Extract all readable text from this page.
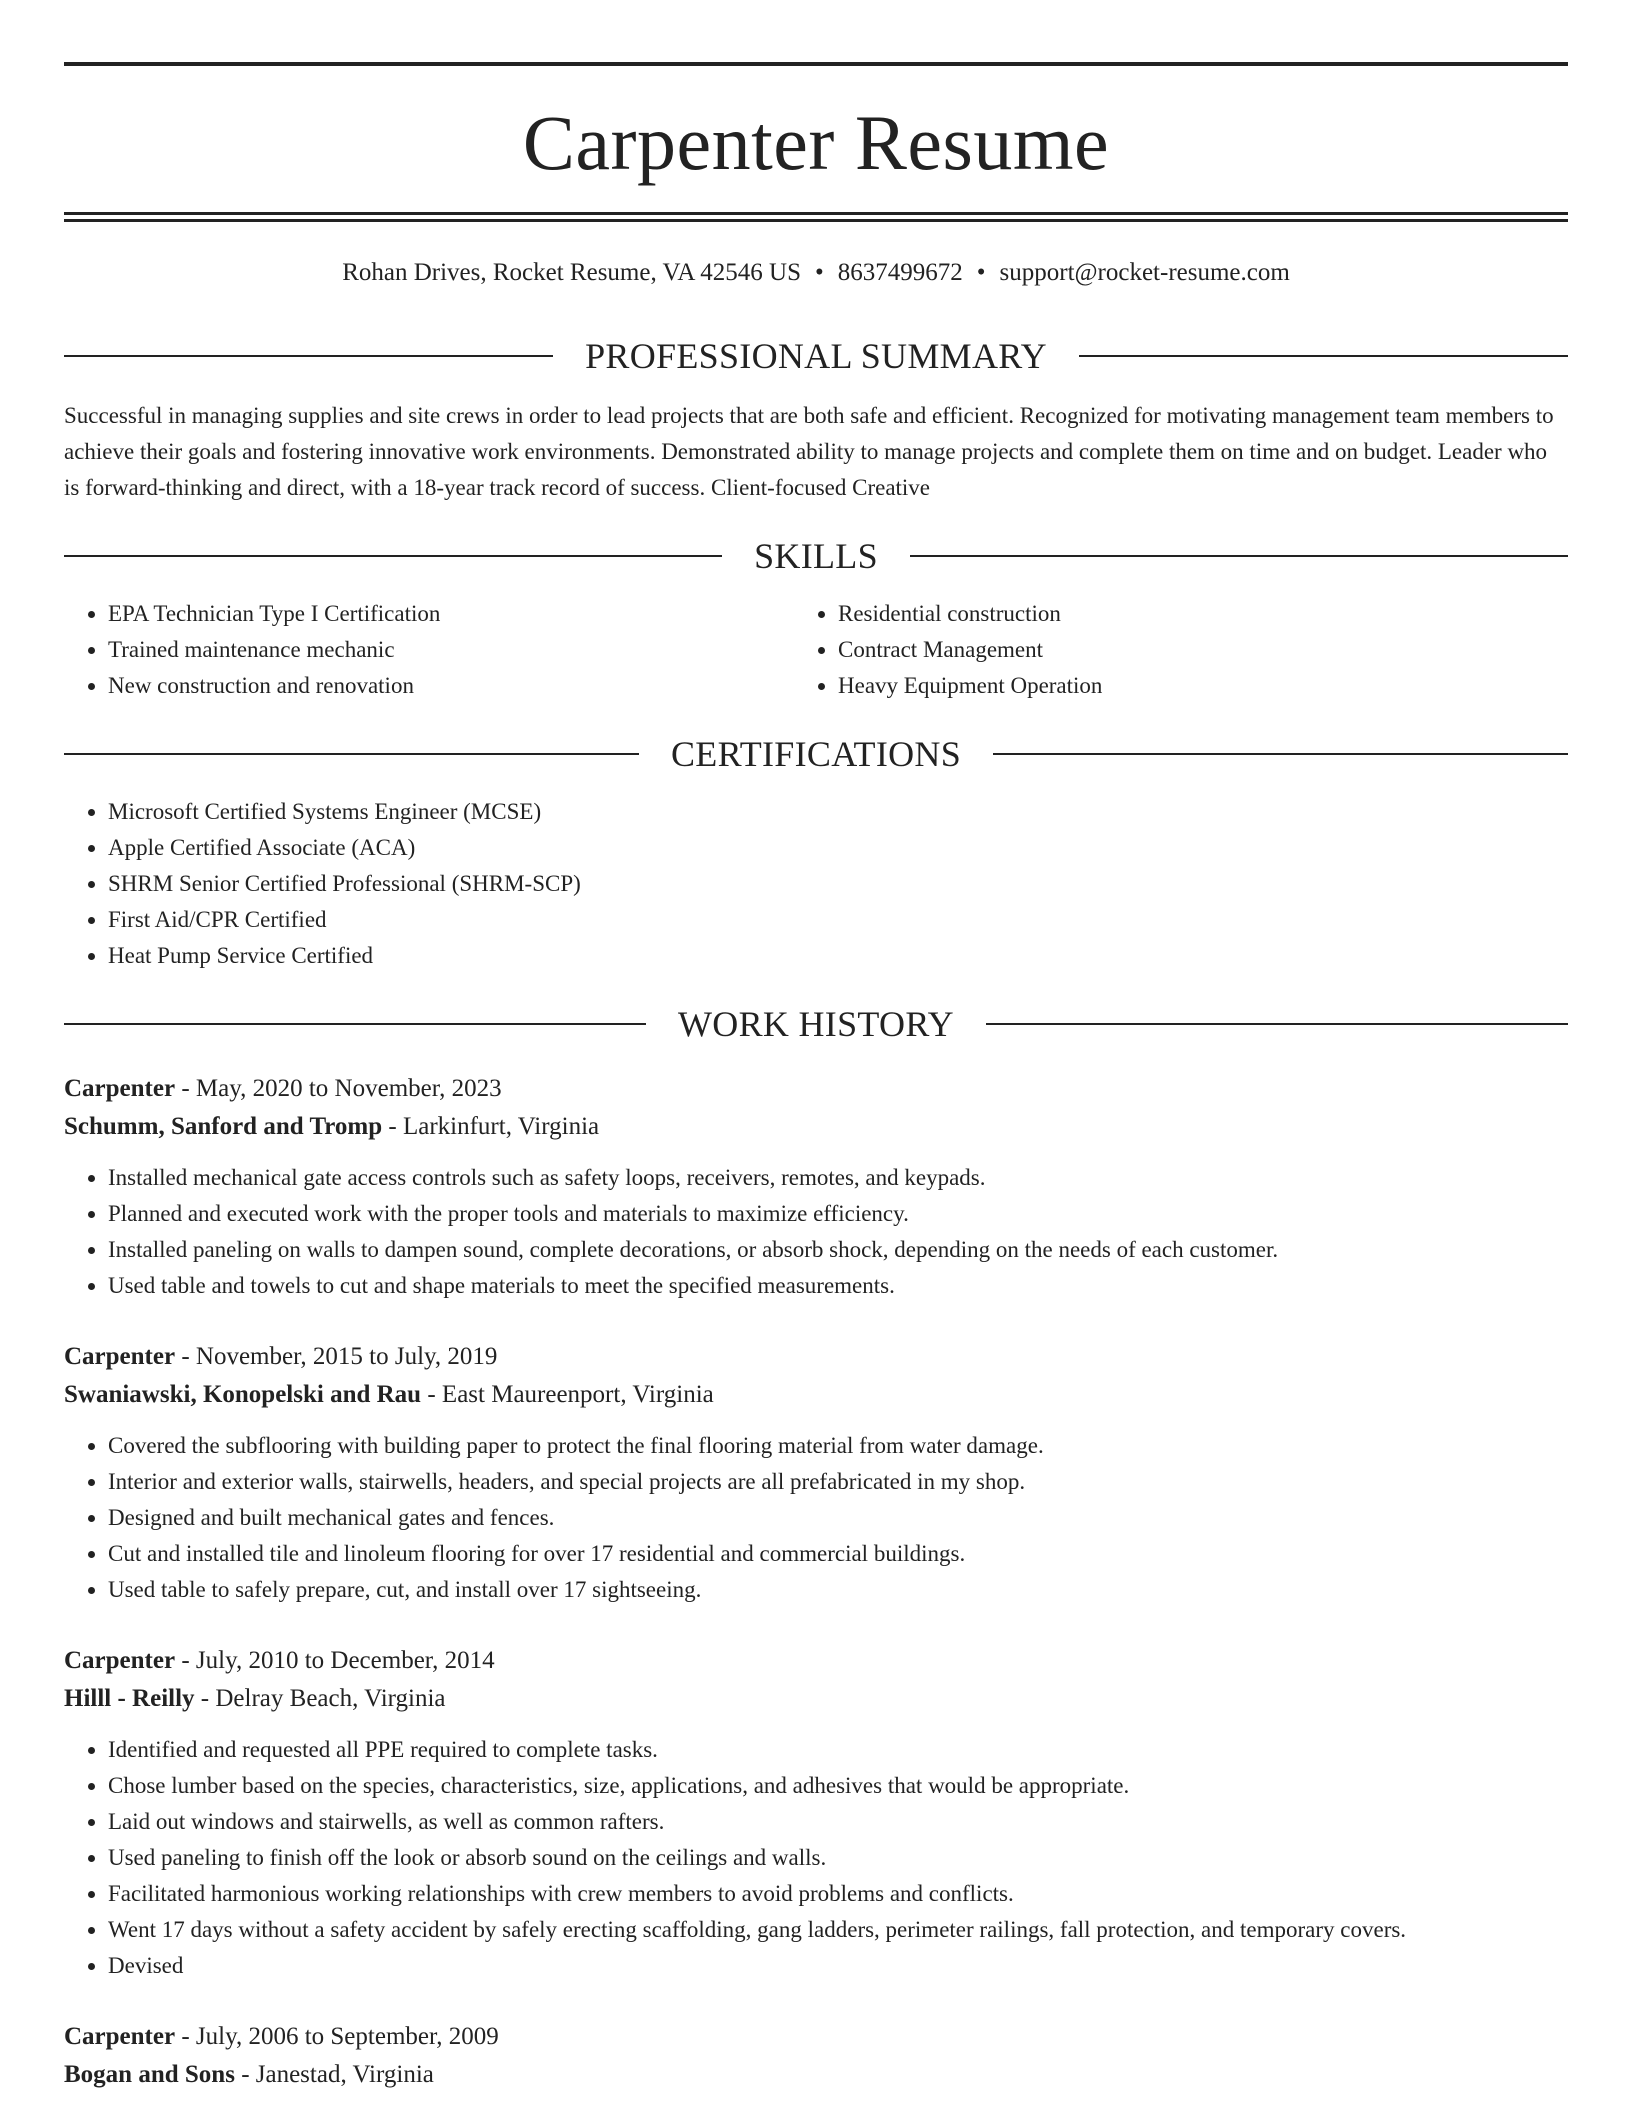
Carpenter Resume
Rohan Drives, Rocket Resume, VA 42546 US • 8637499672 • support@rocket-resume.com
PROFESSIONAL SUMMARY
Successful in managing supplies and site crews in order to lead projects that are both safe and efficient. Recognized for motivating management team members to achieve their goals and fostering innovative work environments. Demonstrated ability to manage projects and complete them on time and on budget. Leader who is forward-thinking and direct, with a 18-year track record of success. Client-focused Creative
SKILLS
• EPA Technician Type I Certification
• Trained maintenance mechanic
• New construction and renovation
• Residential construction
• Contract Management
• Heavy Equipment Operation
CERTIFICATIONS
• Microsoft Certified Systems Engineer (MCSE)
• Apple Certified Associate (ACA)
• SHRM Senior Certified Professional (SHRM-SCP)
• First Aid/CPR Certified
• Heat Pump Service Certified
WORK HISTORY
Carpenter - May, 2020 to November, 2023
Schumm, Sanford and Tromp - Larkinfurt, Virginia
• Installed mechanical gate access controls such as safety loops, receivers, remotes, and keypads.
• Planned and executed work with the proper tools and materials to maximize efficiency.
• Installed paneling on walls to dampen sound, complete decorations, or absorb shock, depending on the needs of each customer.
• Used table and towels to cut and shape materials to meet the specified measurements.
Carpenter - November, 2015 to July, 2019
Swaniawski, Konopelski and Rau - East Maureenport, Virginia
• Covered the subflooring with building paper to protect the final flooring material from water damage.
• Interior and exterior walls, stairwells, headers, and special projects are all prefabricated in my shop.
• Designed and built mechanical gates and fences.
• Cut and installed tile and linoleum flooring for over 17 residential and commercial buildings.
• Used table to safely prepare, cut, and install over 17 sightseeing.
Carpenter - July, 2010 to December, 2014
Hilll - Reilly - Delray Beach, Virginia
• Identified and requested all PPE required to complete tasks.
• Chose lumber based on the species, characteristics, size, applications, and adhesives that would be appropriate.
• Laid out windows and stairwells, as well as common rafters.
• Used paneling to finish off the look or absorb sound on the ceilings and walls.
• Facilitated harmonious working relationships with crew members to avoid problems and conflicts.
• Went 17 days without a safety accident by safely erecting scaffolding, gang ladders, perimeter railings, fall protection, and temporary covers.
• Devised
Carpenter - July, 2006 to September, 2009
Bogan and Sons - Janestad, Virginia
